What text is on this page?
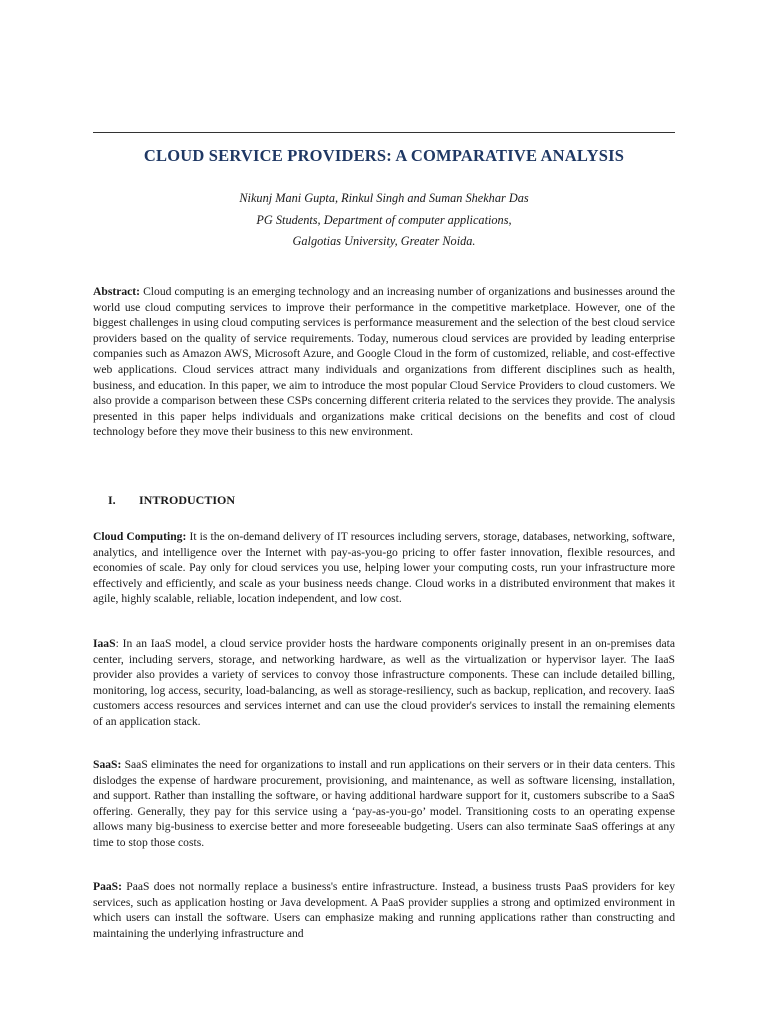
CLOUD SERVICE PROVIDERS: A COMPARATIVE ANALYSIS
Nikunj Mani Gupta, Rinkul Singh and Suman Shekhar Das
PG Students, Department of computer applications,
Galgotias University, Greater Noida.

Abstract: Cloud computing is an emerging technology and an increasing number of organizations and businesses around the world use cloud computing services to improve their performance in the competitive marketplace. However, one of the biggest challenges in using cloud computing services is performance measurement and the selection of the best cloud service providers based on the quality of service requirements. Today, numerous cloud services are provided by leading enterprise companies such as Amazon AWS, Microsoft Azure, and Google Cloud in the form of customized, reliable, and cost-effective web applications. Cloud services attract many individuals and organizations from different disciplines such as health, business, and education. In this paper, we aim to introduce the most popular Cloud Service Providers to cloud customers. We also provide a comparison between these CSPs concerning different criteria related to the services they provide. The analysis presented in this paper helps individuals and organizations make critical decisions on the benefits and cost of cloud technology before they move their business to this new environment.

I. INTRODUCTION

Cloud Computing: It is the on-demand delivery of IT resources including servers, storage, databases, networking, software, analytics, and intelligence over the Internet with pay-as-you-go pricing to offer faster innovation, flexible resources, and economies of scale. Pay only for cloud services you use, helping lower your computing costs, run your infrastructure more effectively and efficiently, and scale as your business needs change. Cloud works in a distributed environment that makes it agile, highly scalable, reliable, location independent, and low cost.

IaaS: In an IaaS model, a cloud service provider hosts the hardware components originally present in an on-premises data center, including servers, storage, and networking hardware, as well as the virtualization or hypervisor layer. The IaaS provider also provides a variety of services to convoy those infrastructure components. These can include detailed billing, monitoring, log access, security, load-balancing, as well as storage-resiliency, such as backup, replication, and recovery. IaaS customers access resources and services internet and can use the cloud provider's services to install the remaining elements of an application stack.

SaaS: SaaS eliminates the need for organizations to install and run applications on their servers or in their data centers. This dislodges the expense of hardware procurement, provisioning, and maintenance, as well as software licensing, installation, and support. Rather than installing the software, or having additional hardware support for it, customers subscribe to a SaaS offering. Generally, they pay for this service using a ‘pay-as-you-go’ model. Transitioning costs to an operating expense allows many big-business to exercise better and more foreseeable budgeting. Users can also terminate SaaS offerings at any time to stop those costs.

PaaS: PaaS does not normally replace a business's entire infrastructure. Instead, a business trusts PaaS providers for key services, such as application hosting or Java development. A PaaS provider supplies a strong and optimized environment in which users can install the software. Users can emphasize making and running applications rather than constructing and maintaining the underlying infrastructure and
